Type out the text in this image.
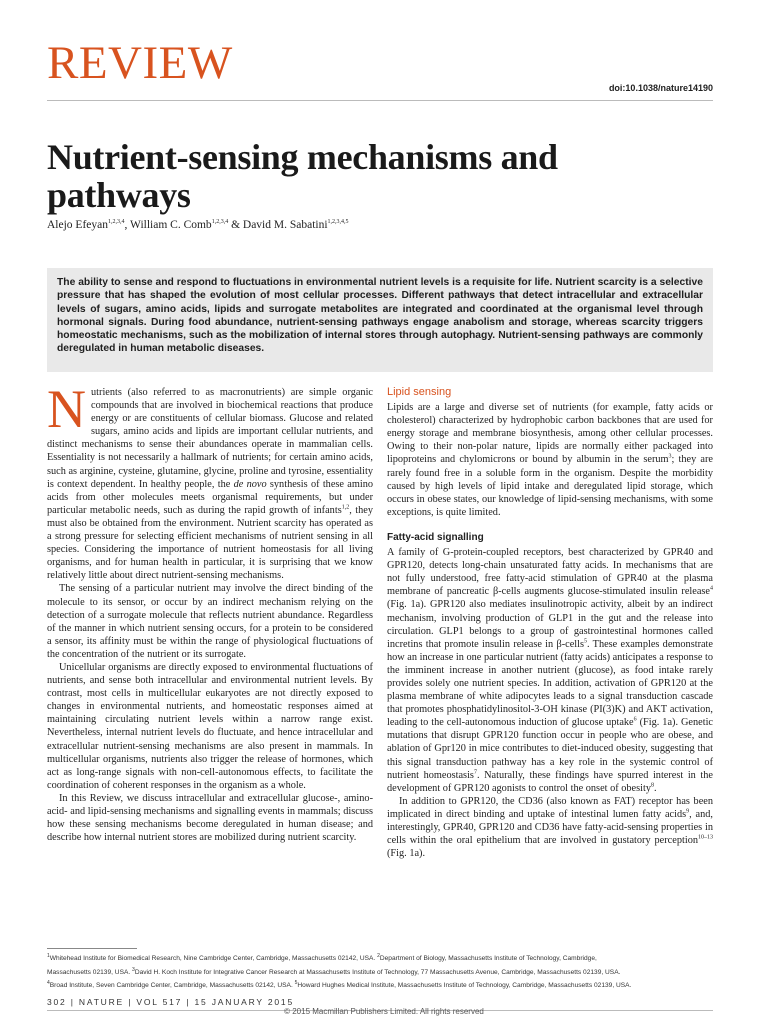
REVIEW	doi:10.1038/nature14190
Nutrient-sensing mechanisms and pathways
Alejo Efeyan$^{1,2,3,4}$, William C. Comb$^{1,2,3,4}$ & David M. Sabatini$^{1,2,3,4,5}$

The ability to sense and respond to fluctuations in environmental nutrient levels is a requisite for life. Nutrient scarcity is a selective pressure that has shaped the evolution of most cellular processes. Different pathways that detect intracellular and extracellular levels of sugars, amino acids, lipids and surrogate metabolites are integrated and coordinated at the organismal level through hormonal signals. During food abundance, nutrient-sensing pathways engage anabolism and storage, whereas scarcity triggers homeostatic mechanisms, such as the mobilization of internal stores through autophagy. Nutrient-sensing pathways are commonly deregulated in human metabolic diseases.

Nutrients (also referred to as macronutrients) are simple organic compounds that are involved in biochemical reactions that produce energy or are constituents of cellular biomass. Glucose and related sugars, amino acids and lipids are important cellular nutrients, and distinct mechanisms to sense their abundances operate in mammalian cells. Essentiality is not necessarily a hallmark of nutrients; for certain amino acids, such as arginine, cysteine, glutamine, glycine, proline and tyrosine, essentiality is context dependent. In healthy people, the de novo synthesis of these amino acids from other molecules meets organismal requirements, but under particular metabolic needs, such as during the rapid growth of infants$^{1,2}$, they must also be obtained from the environment. Nutrient scarcity has operated as a strong pressure for selecting efficient mechanisms of nutrient sensing in all species. Considering the importance of nutrient homeostasis for all living organisms, and for human health in particular, it is surprising that we know relatively little about direct nutrient-sensing mechanisms.

The sensing of a particular nutrient may involve the direct binding of the molecule to its sensor, or occur by an indirect mechanism relying on the detection of a surrogate molecule that reflects nutrient abundance. Regardless of the manner in which nutrient sensing occurs, for a protein to be considered a sensor, its affinity must be within the range of physiological fluctuations of the concentration of the nutrient or its surrogate.

Unicellular organisms are directly exposed to environmental fluctuations of nutrients, and sense both intracellular and environmental nutrient levels. By contrast, most cells in multicellular eukaryotes are not directly exposed to changes in environmental nutrients, and homeostatic responses aimed at maintaining circulating nutrient levels within a narrow range exist. Nevertheless, internal nutrient levels do fluctuate, and hence intracellular and extracellular nutrient-sensing mechanisms are also present in mammals. In multicellular organisms, nutrients also trigger the release of hormones, which act as long-range signals with non-cell-autonomous effects, to facilitate the coordination of coherent responses in the organism as a whole.

In this Review, we discuss intracellular and extracellular glucose-, amino-acid- and lipid-sensing mechanisms and signalling events in mammals; discuss how these sensing mechanisms become deregulated in human disease; and describe how internal nutrient stores are mobilized during nutrient scarcity.

Lipid sensing

Lipids are a large and diverse set of nutrients (for example, fatty acids or cholesterol) characterized by hydrophobic carbon backbones that are used for energy storage and membrane biosynthesis, among other cellular processes. Owing to their non-polar nature, lipids are normally either packaged into lipoproteins and chylomicrons or bound by albumin in the serum$^3$; they are rarely found free in a soluble form in the organism. Despite the morbidity caused by high levels of lipid intake and deregulated lipid storage, which occurs in obese states, our knowledge of lipid-sensing mechanisms, with some exceptions, is quite limited.

Fatty-acid signalling

A family of G-protein-coupled receptors, best characterized by GPR40 and GPR120, detects long-chain unsaturated fatty acids. In mechanisms that are not fully understood, free fatty-acid stimulation of GPR40 at the plasma membrane of pancreatic β-cells augments glucose-stimulated insulin release$^4$ (Fig. 1a). GPR120 also mediates insulinotropic activity, albeit by an indirect mechanism, involving production of GLP1 in the gut and the release into circulation. GLP1 belongs to a group of gastrointestinal hormones called incretins that promote insulin release in β-cells$^5$. These examples demonstrate how an increase in one particular nutrient (fatty acids) anticipates a response to the imminent increase in another nutrient (glucose), as food intake rarely provides solely one nutrient species. In addition, activation of GPR120 at the plasma membrane of white adipocytes leads to a signal transduction cascade that promotes phosphatidylinositol-3-OH kinase (PI(3)K) and AKT activation, leading to the cell-autonomous induction of glucose uptake$^6$ (Fig. 1a). Genetic mutations that disrupt GPR120 function occur in people who are obese, and ablation of Gpr120 in mice contributes to diet-induced obesity, suggesting that this signal transduction pathway has a key role in the systemic control of nutrient homeostasis$^7$. Naturally, these findings have spurred interest in the development of GPR120 agonists to control the onset of obesity$^8$.

In addition to GPR120, the CD36 (also known as FAT) receptor has been implicated in direct binding and uptake of intestinal lumen fatty acids$^9$, and, interestingly, GPR40, GPR120 and CD36 have fatty-acid-sensing properties in cells within the oral epithelium that are involved in gustatory perception$^{10-13}$ (Fig. 1a).

$^1$Whitehead Institute for Biomedical Research, Nine Cambridge Center, Cambridge, Massachusetts 02142, USA. $^2$Department of Biology, Massachusetts Institute of Technology, Cambridge,
Massachusetts 02139, USA. $^3$David H. Koch Institute for Integrative Cancer Research at Massachusetts Institute of Technology, 77 Massachusetts Avenue, Cambridge, Massachusetts 02139, USA.
$^4$Broad Institute, Seven Cambridge Center, Cambridge, Massachusetts 02142, USA. $^5$Howard Hughes Medical Institute, Massachusetts Institute of Technology, Cambridge, Massachusetts 02139, USA.
302 | NATURE | VOL 517 | 15 JANUARY 2015
© 2015 Macmillan Publishers Limited. All rights reserved
